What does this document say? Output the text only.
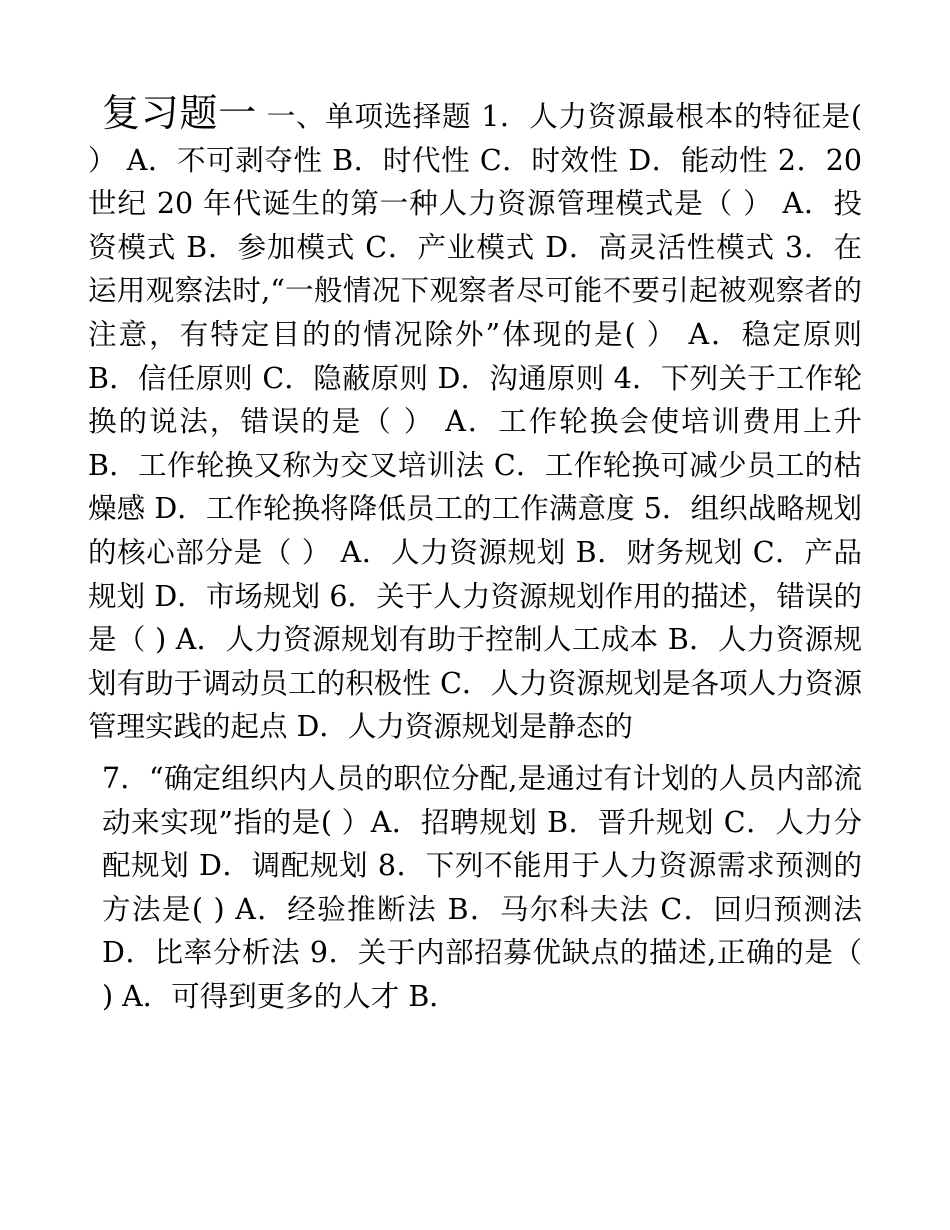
复习题一 一、单项选择题 1．人力资源最根本的特征是( ） A．不可剥夺性 B．时代性 C．时效性 D．能动性 2．20 世纪 20 年代诞生的第一种人力资源管理模式是（ ） A．投资模式 B．参加模式 C．产业模式 D．高灵活性模式 3．在运用观察法时,“一般情况下观察者尽可能不要引起被观察者的注意，有特定目的的情况除外”体现的是( ） A．稳定原则 B．信任原则 C．隐蔽原则 D．沟通原则 4．下列关于工作轮换的说法，错误的是（ ） A．工作轮换会使培训费用上升 B．工作轮换又称为交叉培训法 C．工作轮换可减少员工的枯燥感 D．工作轮换将降低员工的工作满意度 5．组织战略规划的核心部分是（ ） A．人力资源规划 B．财务规划 C．产品规划 D．市场规划 6．关于人力资源规划作用的描述，错误的是（ ) A．人力资源规划有助于控制人工成本 B．人力资源规划有助于调动员工的积极性 C．人力资源规划是各项人力资源管理实践的起点 D．人力资源规划是静态的

7．“确定组织内人员的职位分配,是通过有计划的人员内部流动来实现”指的是( ）A．招聘规划 B．晋升规划 C．人力分配规划 D．调配规划 8．下列不能用于人力资源需求预测的方法是( ) A．经验推断法 B．马尔科夫法 C．回归预测法 D．比率分析法 9．关于内部招募优缺点的描述,正确的是（ ) A．可得到更多的人才 B．
